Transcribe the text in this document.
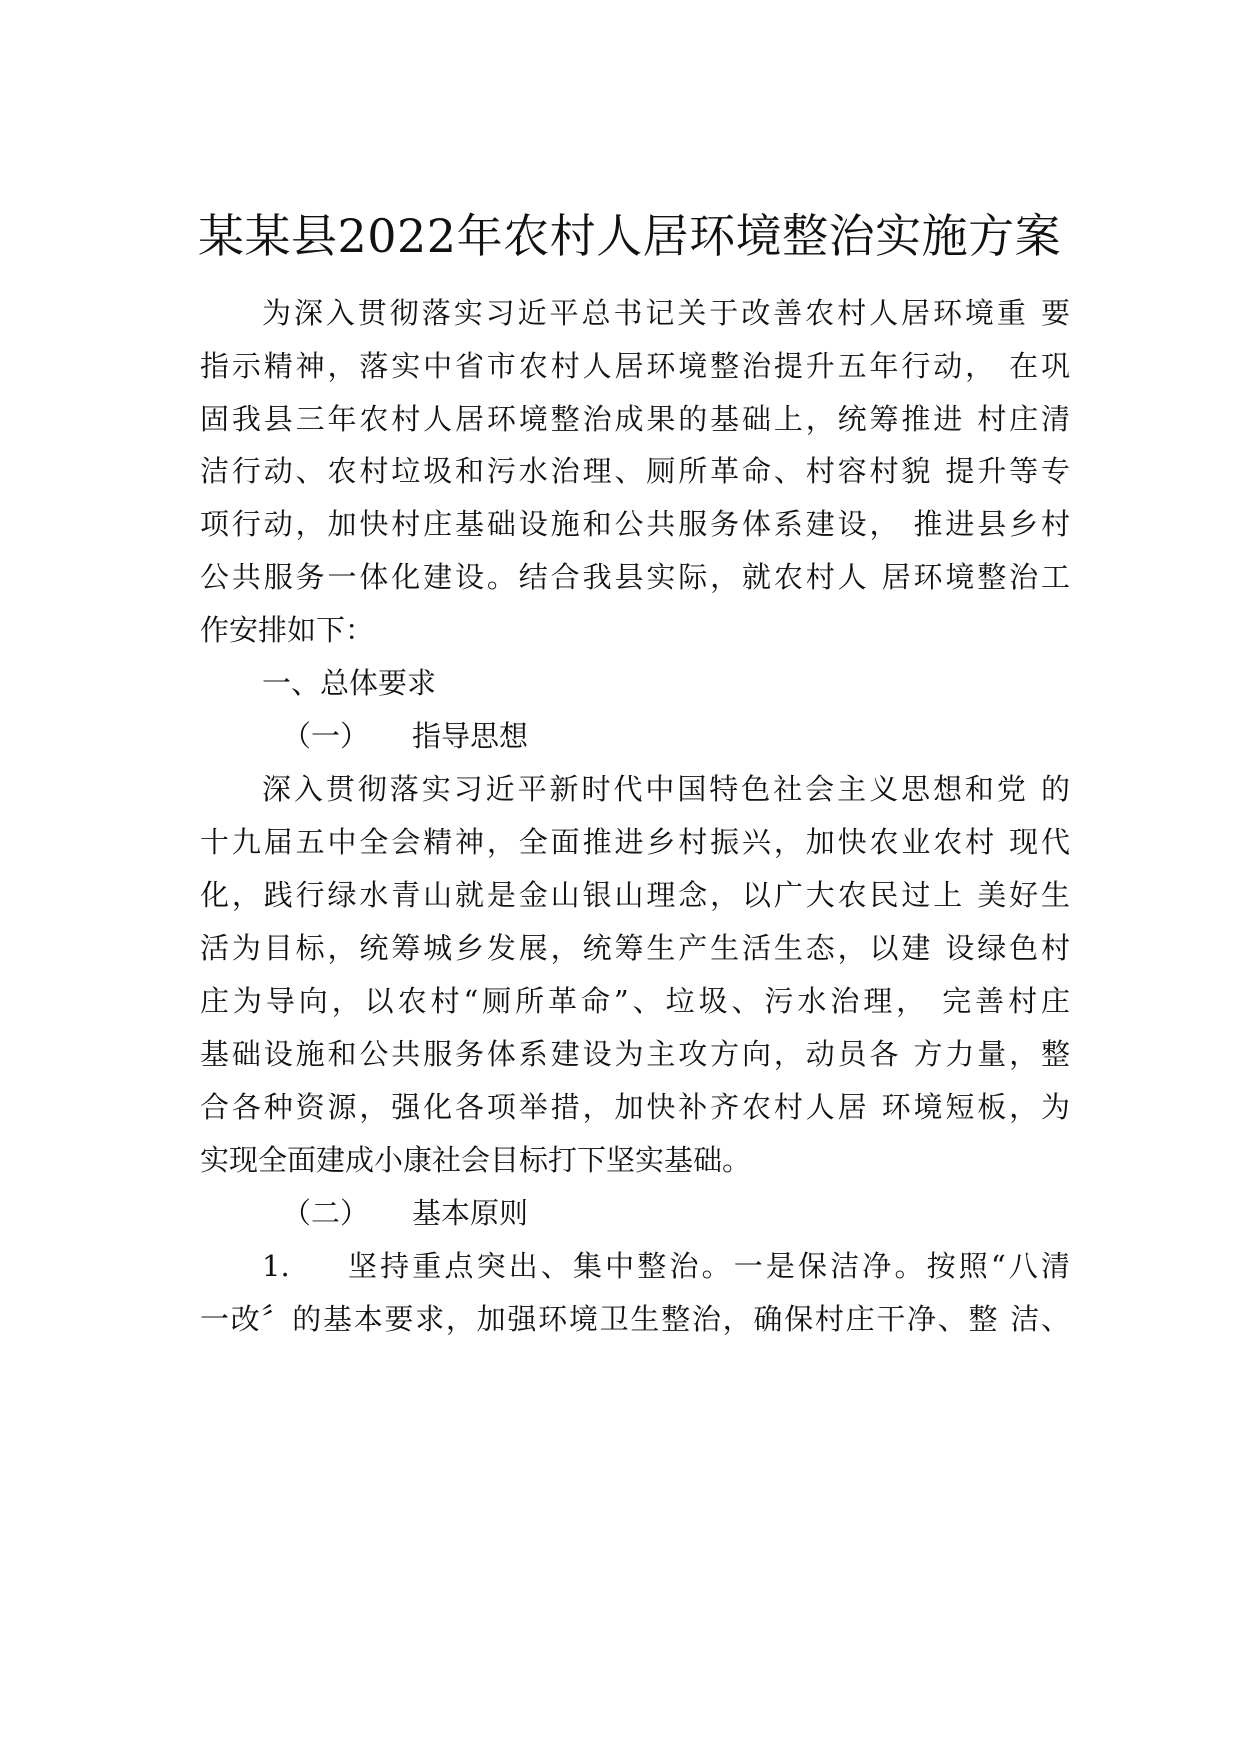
某某县2022年农村人居环境整治实施方案
为深入贯彻落实习近平总书记关于改善农村人居环境重 要
指示精神，落实中省市农村人居环境整治提升五年行动， 在巩
固我县三年农村人居环境整治成果的基础上，统筹推进 村庄清
洁行动、农村垃圾和污水治理、厕所革命、村容村貌 提升等专
项行动，加快村庄基础设施和公共服务体系建设， 推进县乡村
公共服务一体化建设。结合我县实际，就农村人 居环境整治工
作安排如下：
一、总体要求
（一） 指导思想
深入贯彻落实习近平新时代中国特色社会主义思想和党 的
十九届五中全会精神，全面推进乡村振兴，加快农业农村 现代
化，践行绿水青山就是金山银山理念，以广大农民过上 美好生
活为目标，统筹城乡发展，统筹生产生活生态，以建 设绿色村
庄为导向，以农村“厕所革命”、垃圾、污水治理， 完善村庄
基础设施和公共服务体系建设为主攻方向，动员各 方力量，整
合各种资源，强化各项举措，加快补齐农村人居 环境短板，为
实现全面建成小康社会目标打下坚实基础。
（二） 基本原则
1. 坚持重点突出、集中整治。一是保洁净。按照“八清
一改〞的基本要求，加强环境卫生整治，确保村庄干净、整 洁、
